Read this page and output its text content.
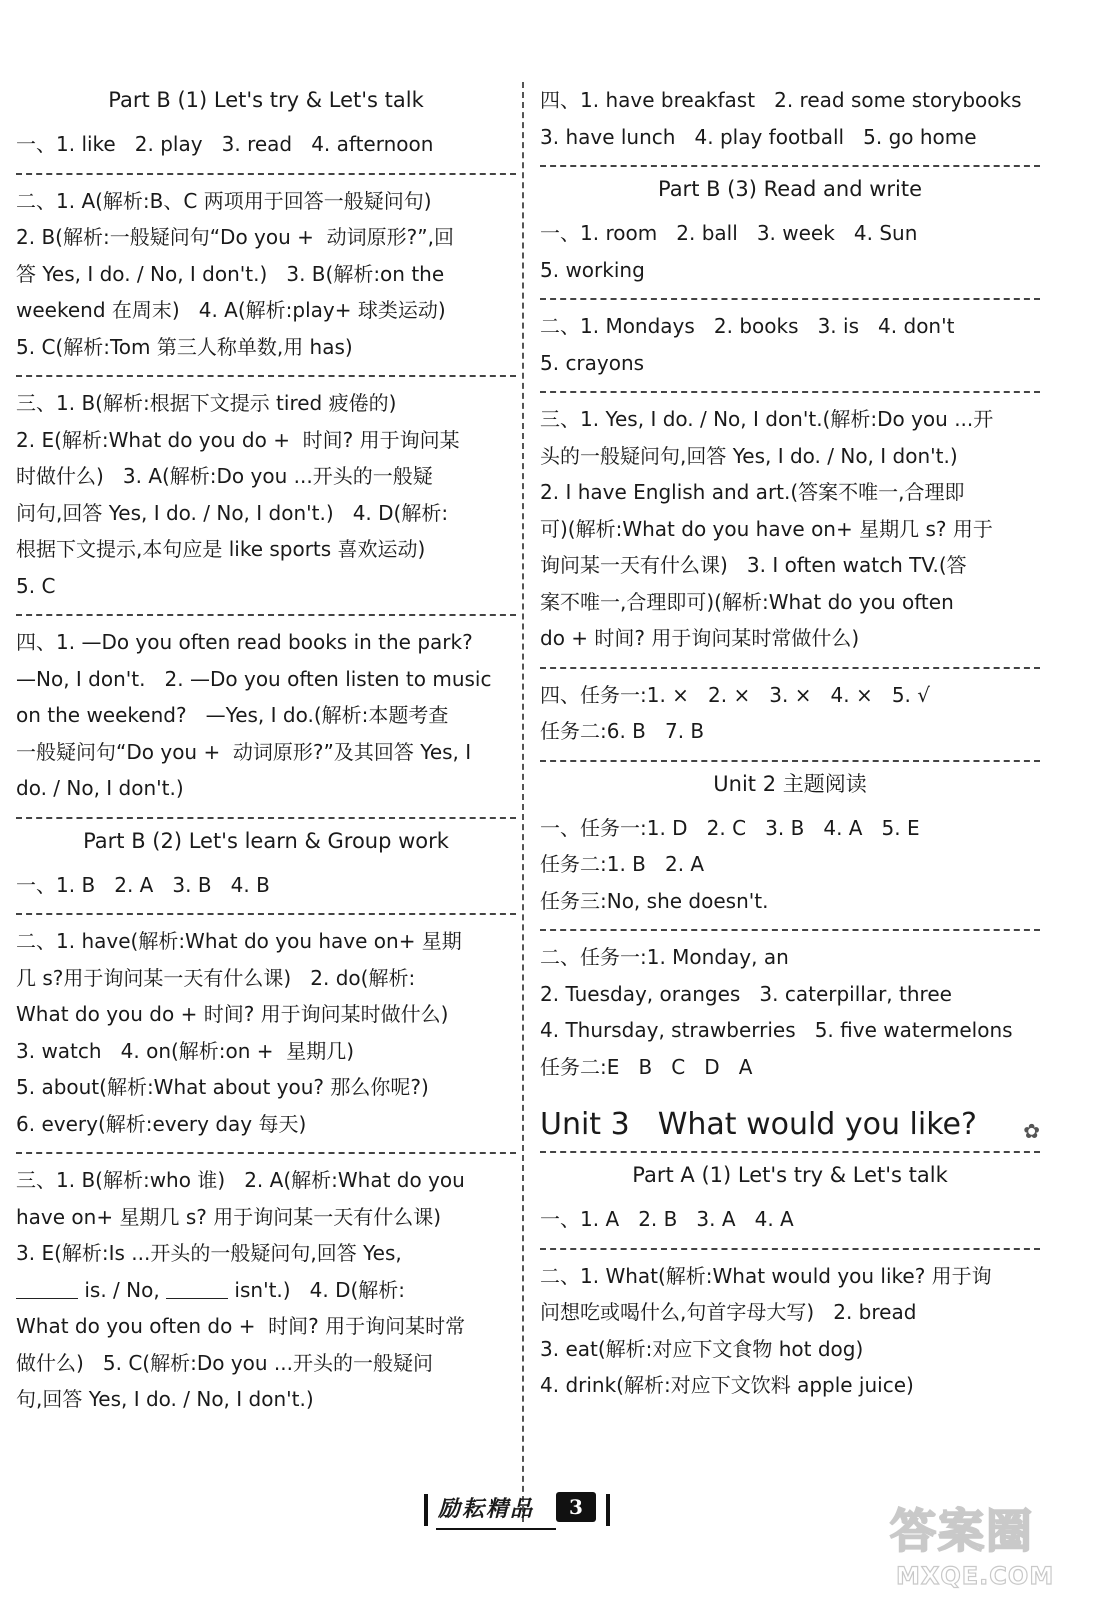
Part B (1) Let's try & Let's talk
一、1. like   2. play   3. read   4. afternoon
二、1. A(解析:B、C 两项用于回答一般疑问句)
2. B(解析:一般疑问句“Do you +  动词原形?”,回
答 Yes, I do. / No, I don't.)   3. B(解析:on the
weekend 在周末)   4. A(解析:play+ 球类运动)
5. C(解析:Tom 第三人称单数,用 has)
三、1. B(解析:根据下文提示 tired 疲倦的)
2. E(解析:What do you do +  时间? 用于询问某
时做什么)   3. A(解析:Do you ...开头的一般疑
问句,回答 Yes, I do. / No, I don't.)   4. D(解析:
根据下文提示,本句应是 like sports 喜欢运动)
5. C
四、1. —Do you often read books in the park?
—No, I don't.   2. —Do you often listen to music
on the weekend?   —Yes, I do.(解析:本题考查
一般疑问句“Do you +  动词原形?”及其回答 Yes, I
do. / No, I don't.)
Part B (2) Let's learn & Group work
一、1. B   2. A   3. B   4. B
二、1. have(解析:What do you have on+ 星期
几 s?用于询问某一天有什么课)   2. do(解析:
What do you do + 时间? 用于询问某时做什么)
3. watch   4. on(解析:on +  星期几)
5. about(解析:What about you? 那么你呢?)
6. every(解析:every day 每天)
三、1. B(解析:who 谁)   2. A(解析:What do you
have on+ 星期几 s? 用于询问某一天有什么课)
3. E(解析:Is ...开头的一般疑问句,回答 Yes,
is. / No,	isn't.)   4. D(解析:
What do you often do +  时间? 用于询问某时常
做什么)   5. C(解析:Do you ...开头的一般疑问
句,回答 Yes, I do. / No, I don't.)
四、1. have breakfast   2. read some storybooks
3. have lunch   4. play football   5. go home
Part B (3) Read and write
一、1. room   2. ball   3. week   4. Sun
5. working
二、1. Mondays   2. books   3. is   4. don't
5. crayons
三、1. Yes, I do. / No, I don't.(解析:Do you ...开
头的一般疑问句,回答 Yes, I do. / No, I don't.)
2. I have English and art.(答案不唯一,合理即
可)(解析:What do you have on+ 星期几 s? 用于
询问某一天有什么课)   3. I often watch TV.(答
案不唯一,合理即可)(解析:What do you often
do + 时间? 用于询问某时常做什么)
四、任务一:1. ×   2. ×   3. ×   4. ×   5. √
任务二:6. B   7. B
Unit 2 主题阅读
一、任务一:1. D   2. C   3. B   4. A   5. E
任务二:1. B   2. A
任务三:No, she doesn't.
二、任务一:1. Monday, an
2. Tuesday, oranges   3. caterpillar, three
4. Thursday, strawberries   5. five watermelons
任务二:E   B   C   D   A
Unit 3 What would you like? ✿
Part A (1) Let's try & Let's talk
一、1. A   2. B   3. A   4. A
二、1. What(解析:What would you like? 用于询
问想吃或喝什么,句首字母大写)   2. bread
3. eat(解析:对应下文食物 hot dog)
4. drink(解析:对应下文饮料 apple juice)
励耘精品	3	答案圈
MXQE.COM
